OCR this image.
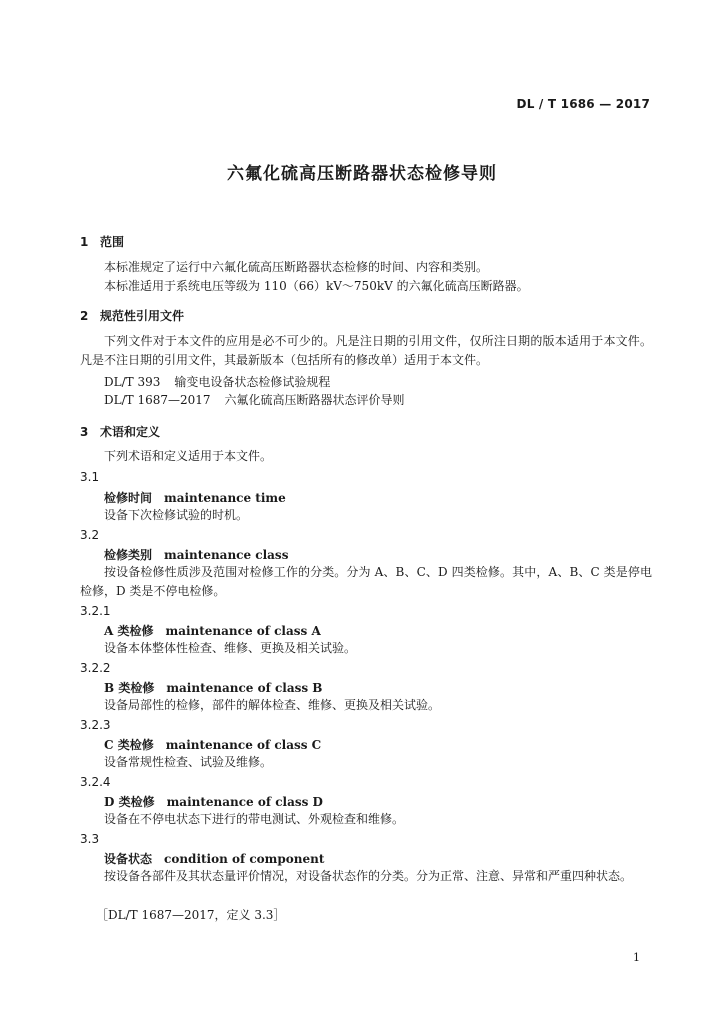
DL / T 1686 — 2017
六氟化硫高压断路器状态检修导则
1 范围
本标准规定了运行中六氟化硫高压断路器状态检修的时间、内容和类别。
本标准适用于系统电压等级为 110（66）kV～750kV 的六氟化硫高压断路器。
2 规范性引用文件
下列文件对于本文件的应用是必不可少的。凡是注日期的引用文件，仅所注日期的版本适用于本文件。凡是不注日期的引用文件，其最新版本（包括所有的修改单）适用于本文件。
DL/T 393 输变电设备状态检修试验规程
DL/T 1687—2017 六氟化硫高压断路器状态评价导则
3 术语和定义
下列术语和定义适用于本文件。
3.1
检修时间 maintenance time
设备下次检修试验的时机。
3.2
检修类别 maintenance class
按设备检修性质涉及范围对检修工作的分类。分为 A、B、C、D 四类检修。其中，A、B、C 类是停电检修，D 类是不停电检修。
3.2.1
A 类检修 maintenance of class A
设备本体整体性检查、维修、更换及相关试验。
3.2.2
B 类检修 maintenance of class B
设备局部性的检修，部件的解体检查、维修、更换及相关试验。
3.2.3
C 类检修 maintenance of class C
设备常规性检查、试验及维修。
3.2.4
D 类检修 maintenance of class D
设备在不停电状态下进行的带电测试、外观检查和维修。
3.3
设备状态 condition of component
按设备各部件及其状态量评价情况，对设备状态作的分类。分为正常、注意、异常和严重四种状态。
［DL/T 1687—2017，定义 3.3］
1
